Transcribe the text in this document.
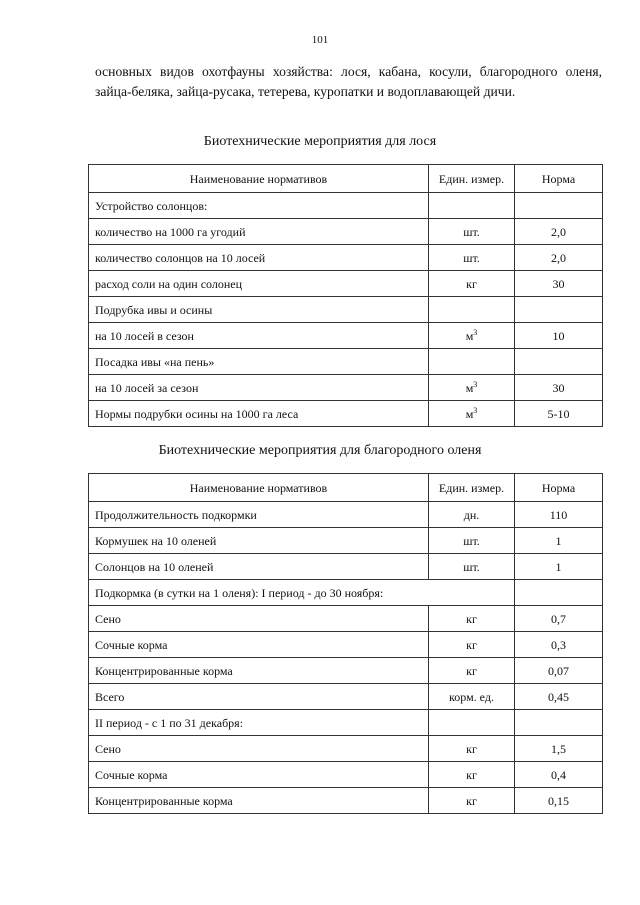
101
основных видов охотфауны хозяйства: лося, кабана, косули, благородного оленя, зайца-беляка, зайца-русака, тетерева, куропатки и водоплавающей дичи.
Биотехнические мероприятия для лося
Наименование нормативов	Един. измер.	Норма
Устройство солонцов:		
количество на 1000 га угодий	шт.	2,0
количество солонцов на 10 лосей	шт.	2,0
расход соли на один солонец	кг	30
Подрубка ивы и осины		
на 10 лосей в сезон	$м^3$	10
Посадка ивы «на пень»		
на 10 лосей за сезон	$м^3$	30
Нормы подрубки осины на 1000 га леса	$м^3$	5-10
Биотехнические мероприятия для благородного оленя
Наименование нормативов	Един. измер.	Норма
Продолжительность подкормки	дн.	110
Кормушек на 10 оленей	шт.	1
Солонцов на 10 оленей	шт.	1
Подкормка (в сутки на 1 оленя): I период - до 30 ноября:		
Сено	кг	0,7
Сочные корма	кг	0,3
Концентрированные корма	кг	0,07
Всего	корм. ед.	0,45
II период - с 1 по 31 декабря:		
Сено	кг	1,5
Сочные корма	кг	0,4
Концентрированные корма	кг	0,15
